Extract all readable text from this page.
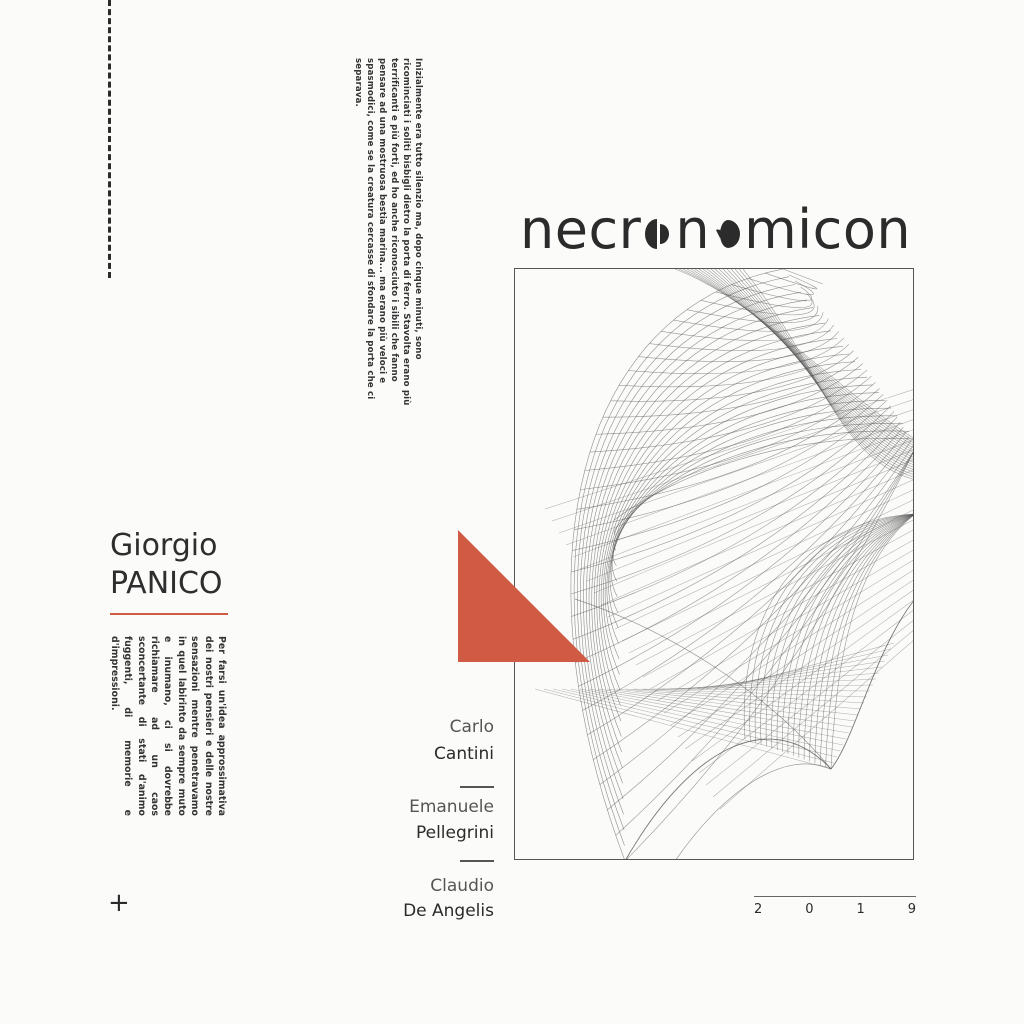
Inizialmente era tutto silenzio ma, dopo cinque minuti, sono ricominciati i soliti bisbigli dietro la porta di ferro. Stavolta erano più terrificanti e più forti, ed ho anche riconosciuto i sibili che fanno pensare ad una mostruosa bestia marina... ma erano più veloci e spasmodici, come se la creatura cercasse di sfondare la porta che ci separava.
necr n micon
Giorgio
PANICO
Per farsi un'idea approssimativa dei nostri pensieri e delle nostre sensazioni mentre penetravamo in quel labirinto da sempre muto e inumano, ci si dovrebbe richiamare ad un caos sconcertante di stati d'animo fuggenti, di memorie e d'impressioni.
+
Carlo
Cantini
Emanuele
Pellegrini
Claudio
De Angelis	2	0	1	9
